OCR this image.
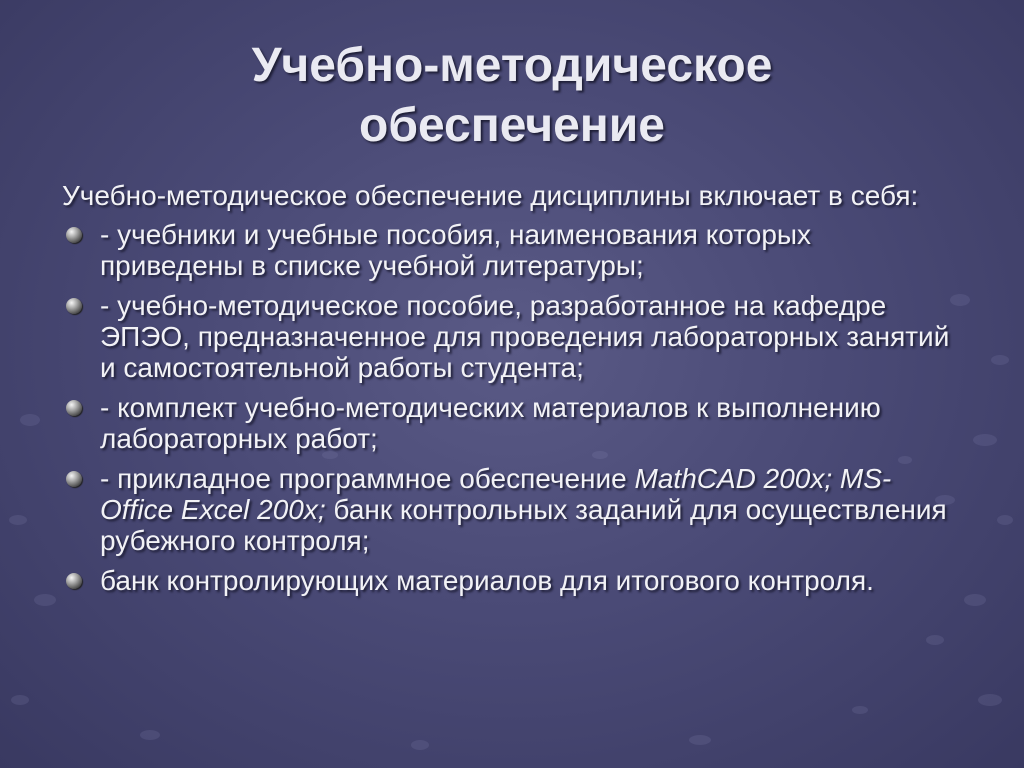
Учебно-методическое
обеспечение
Учебно-методическое обеспечение дисциплины включает в себя:
- учебники и учебные пособия, наименования которых приведены в списке учебной литературы;
- учебно-методическое пособие, разработанное на кафедре ЭПЭО, предназначенное для проведения лабораторных занятий и самостоятельной работы студента;
- комплект учебно-методических материалов к выполнению лабораторных работ;
- прикладное программное обеспечение MathCAD 200x; MS-Office Excel 200x; банк контрольных заданий для осуществления рубежного контроля;
банк контролирующих материалов для итогового контроля.
